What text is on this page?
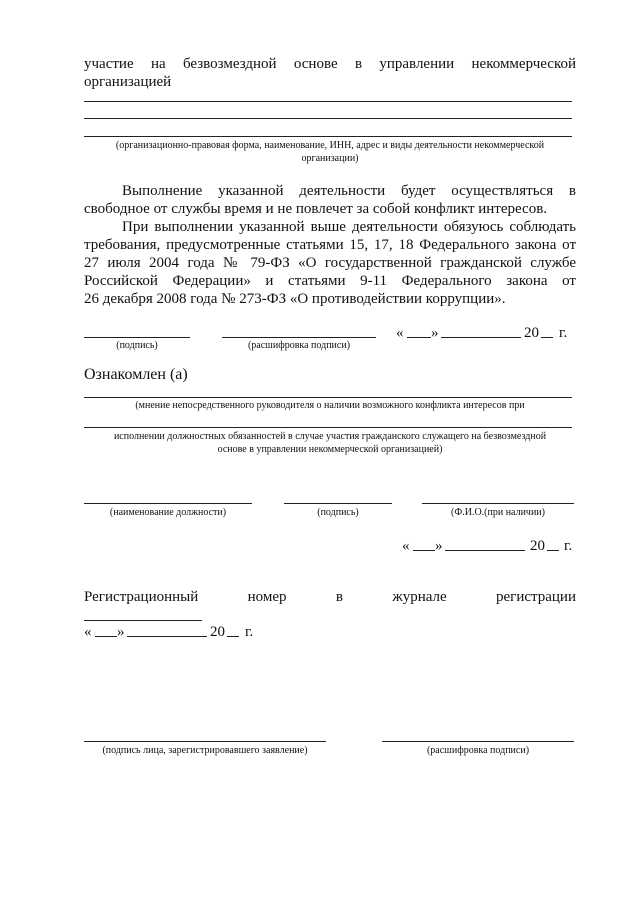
участие на безвозмездной основе в управлении некоммерческой
организацией
(организационно-правовая форма, наименование, ИНН, адрес и виды деятельности некоммерческой
организации)
Выполнение указанной деятельности будет осуществляться в
свободное от службы время и не повлечет за собой конфликт интересов.
При выполнении указанной выше деятельности обязуюсь соблюдать
требования, предусмотренные статьями 15, 17, 18 Федерального закона от
27 июля 2004 года № 79-ФЗ «О государственной гражданской службе
Российской Федерации» и статьями 9-11 Федерального закона от
26 декабря 2008 года № 273-ФЗ «О противодействии коррупции».
« »	20 г.
(подпись)	(расшифровка подписи)
Ознакомлен (а)
(мнение непосредственного руководителя о наличии возможного конфликта интересов при
исполнении должностных обязанностей в случае участия гражданского служащего на безвозмездной
основе в управлении некоммерческой организацией)
(наименование должности)	(подпись)	(Ф.И.О.(при наличии)
« »	20 г.
Регистрационный номер в журнале регистрации
« »	20 г.
(подпись лица, зарегистрировавшего заявление)	(расшифровка подписи)
